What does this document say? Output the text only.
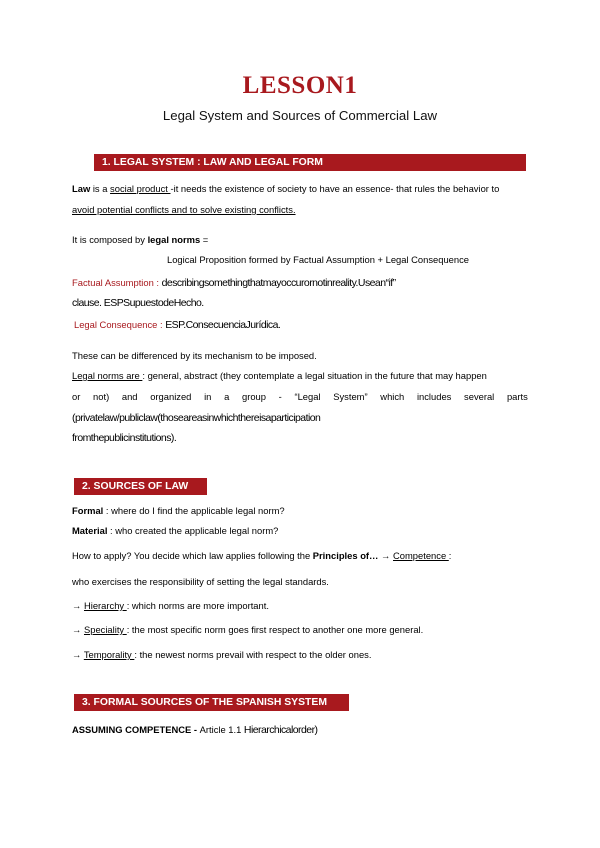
LESSON1
Legal System and Sources of Commercial Law
1. LEGAL SYSTEM : LAW AND LEGAL FORM
Law is a social product -it needs the existence of society to have an essence- that rules the behavior to
avoid potential conflicts and to solve existing conflicts.
It is composed by legal norms =
Logical Proposition formed by Factual Assumption + Legal Consequence
Factual Assumption : describingsomethingthatmayoccurornotinreality.Usean“if”
clause. ESPSupuestodeHecho.
Legal Consequence : ESP.ConsecuenciaJurídica.
These can be differenced by its mechanism to be imposed.
Legal norms are : general, abstract (they contemplate a legal situation in the future that may happen
or not) and organized in a group - “Legal System” which includes several parts
(privatelaw/publiclaw(thoseareasinwhichthereisaparticipation
fromthepublicinstitutions).
2. SOURCES OF LAW
Formal : where do I find the applicable legal norm?
Material : who created the applicable legal norm?
How to apply? You decide which law applies following the Principles of… → Competence :
who exercises the responsibility of setting the legal standards.
→ Hierarchy : which norms are more important.
→ Speciality : the most specific norm goes first respect to another one more general.
→ Temporality : the newest norms prevail with respect to the older ones.
3. FORMAL SOURCES OF THE SPANISH SYSTEM
ASSUMING COMPETENCE - Article 1.1 Hierarchicalorder)
